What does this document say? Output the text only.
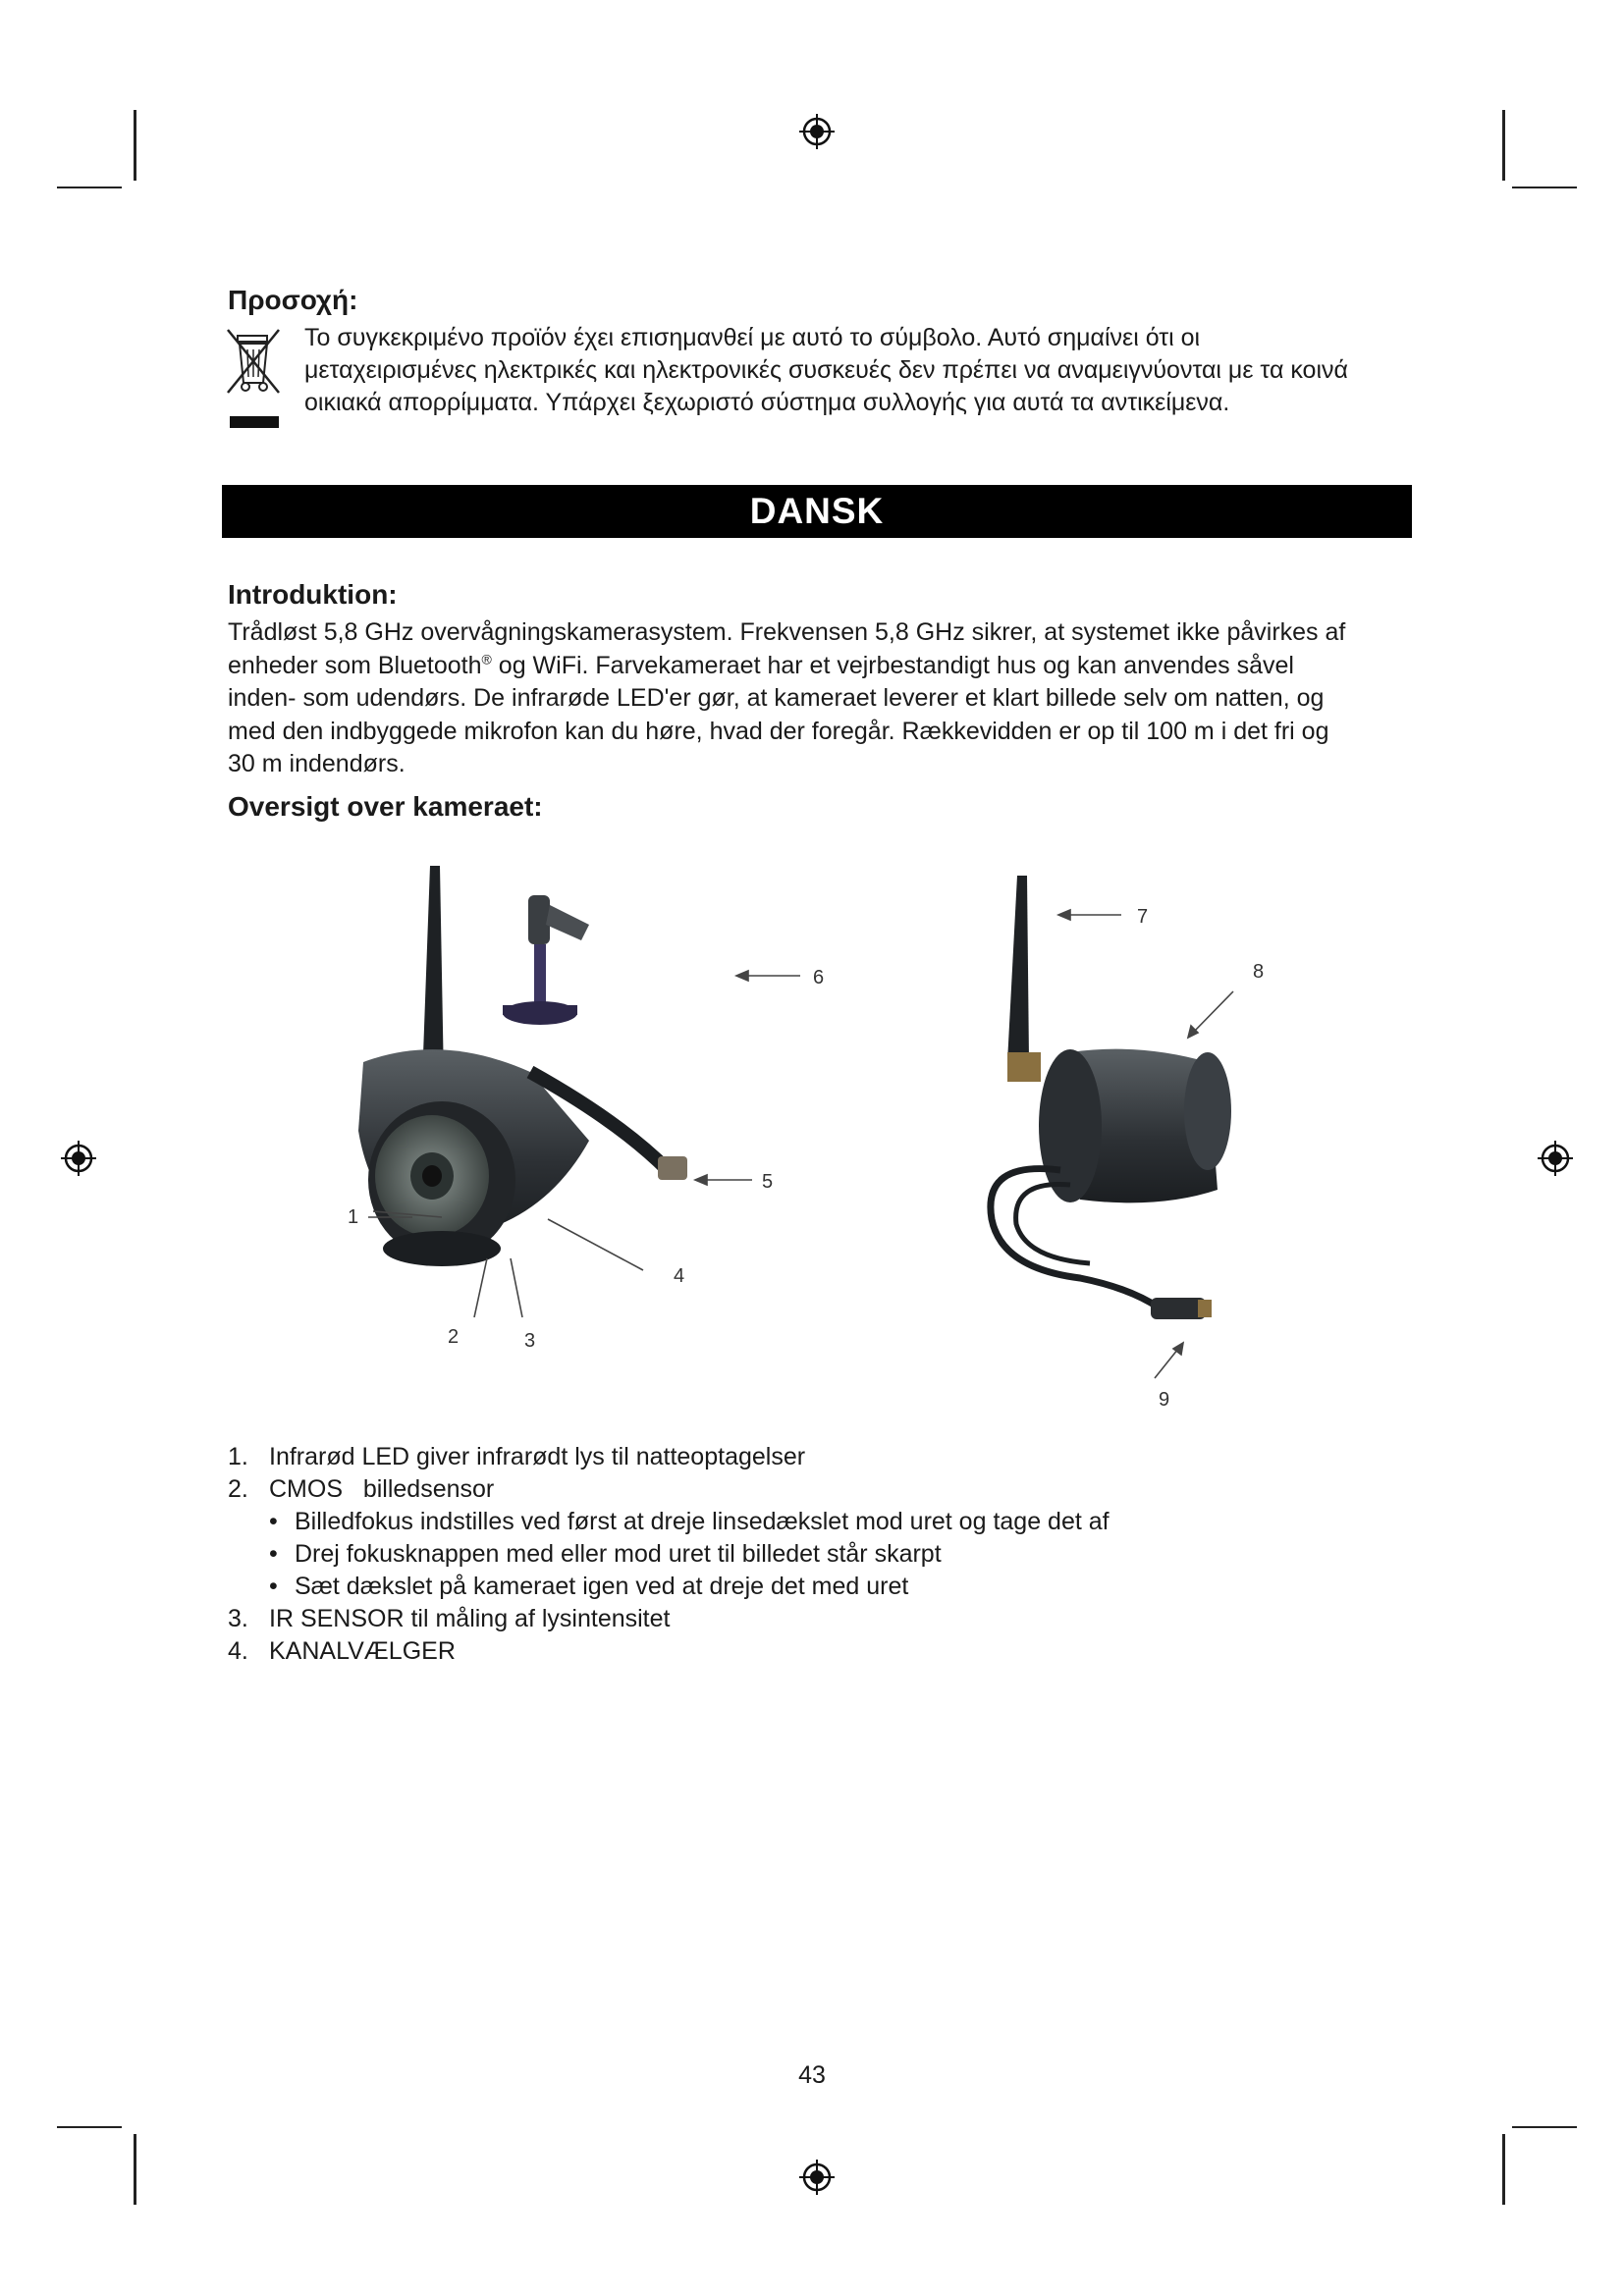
Προσοχή:

Το συγκεκριμένο προϊόν έχει επισημανθεί με αυτό το σύμβολο. Αυτό σημαίνει ότι οι
μεταχειρισμένες ηλεκτρικές και ηλεκτρονικές συσκευές δεν πρέπει να αναμειγνύονται με τα κοινά
οικιακά απορρίμματα. Υπάρχει ξεχωριστό σύστημα συλλογής για αυτά τα αντικείμενα.

DANSK
Introduktion:

Trådløst 5,8 GHz overvågningskamerasystem. Frekvensen 5,8 GHz sikrer, at systemet ikke påvirkes af
enheder som Bluetooth® og WiFi. Farvekameraet har et vejrbestandigt hus og kan anvendes såvel
inden- som udendørs. De infrarøde LED'er gør, at kameraet leverer et klart billede selv om natten, og
med den indbyggede mikrofon kan du høre, hvad der foregår. Rækkevidden er op til 100 m i det fri og
30 m indendørs.

Oversigt over kameraet:
1
2	3
4
5
6
7
8
9
1. Infrarød LED giver infrarødt lys til natteoptagelser
2. CMOS   billedsensor
• Billedfokus indstilles ved først at dreje linsedækslet mod uret og tage det af
• Drej fokusknappen med eller mod uret til billedet står skarpt
• Sæt dækslet på kameraet igen ved at dreje det med uret
3. IR SENSOR til måling af lysintensitet
4. KANALVÆLGER
43
